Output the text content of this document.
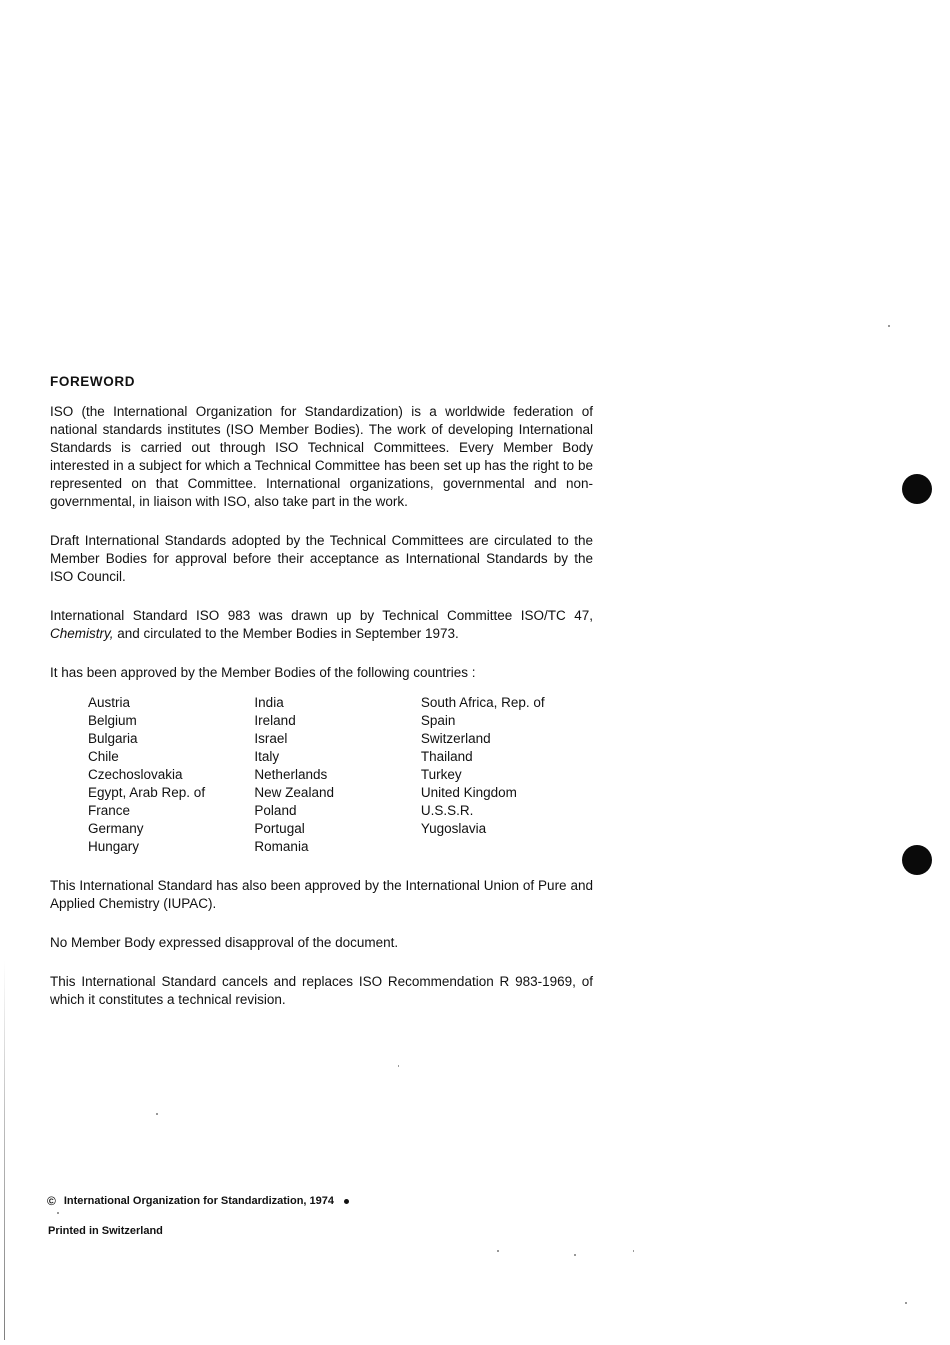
FOREWORD

ISO (the International Organization for Standardization) is a worldwide federation of national standards institutes (ISO Member Bodies). The work of developing International Standards is carried out through ISO Technical Committees. Every Member Body interested in a subject for which a Technical Committee has been set up has the right to be represented on that Committee. International organizations, governmental and non-governmental, in liaison with ISO, also take part in the work.

Draft International Standards adopted by the Technical Committees are circulated to the Member Bodies for approval before their acceptance as International Standards by the ISO Council.

International Standard ISO 983 was drawn up by Technical Committee ISO/TC 47, Chemistry, and circulated to the Member Bodies in September 1973.

It has been approved by the Member Bodies of the following countries :

Austria
Belgium
Bulgaria
Chile
Czechoslovakia
Egypt, Arab Rep. of
France
Germany
Hungary
India
Ireland
Israel
Italy
Netherlands
New Zealand
Poland
Portugal
Romania
South Africa, Rep. of
Spain
Switzerland
Thailand
Turkey
United Kingdom
U.S.S.R.
Yugoslavia

This International Standard has also been approved by the International Union of Pure and Applied Chemistry (IUPAC).

No Member Body expressed disapproval of the document.

This International Standard cancels and replaces ISO Recommendation R 983-1969, of which it constitutes a technical revision.

© International Organization for Standardization, 1974
Printed in Switzerland
